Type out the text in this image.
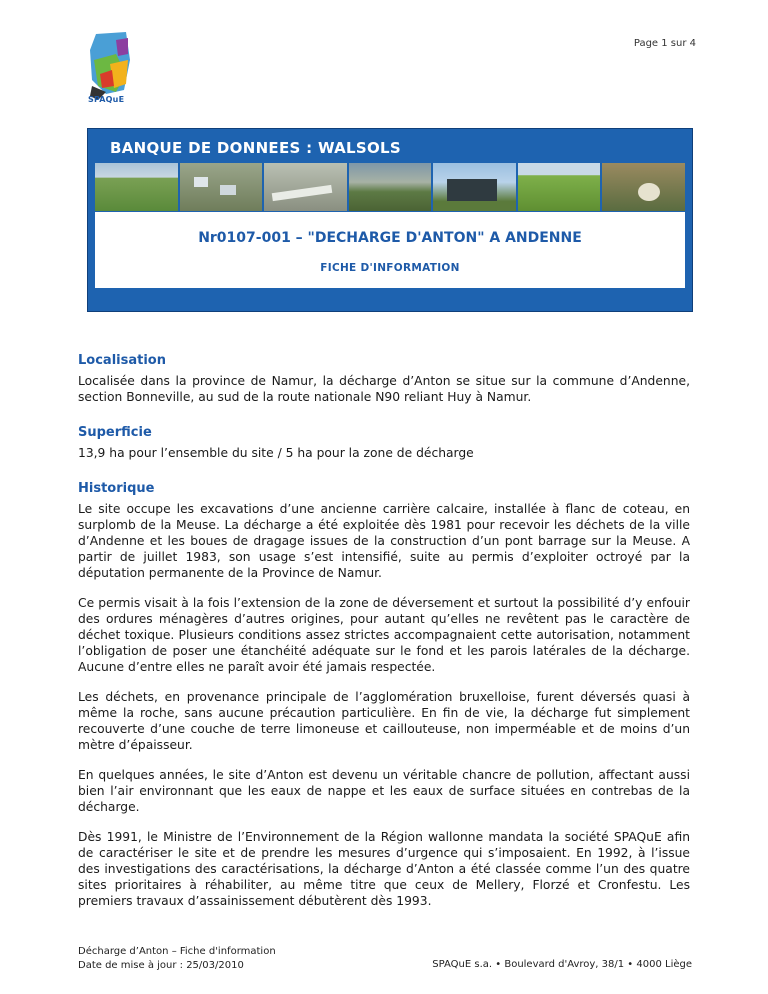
Page 1 sur 4
SPAQuE
BANQUE DE DONNEES : WALSOLS
Nr0107-001 – "DECHARGE D'ANTON" A ANDENNE
FICHE D'INFORMATION
Localisation

Localisée dans la province de Namur, la décharge d’Anton se situe sur la commune d’Andenne, section Bonneville, au sud de la route nationale N90 reliant Huy à Namur.

Superficie

13,9 ha pour l’ensemble du site / 5 ha pour la zone de décharge

Historique

Le site occupe les excavations d’une ancienne carrière calcaire, installée à flanc de coteau, en surplomb de la Meuse. La décharge a été exploitée dès 1981 pour recevoir les déchets de la ville d’Andenne et les boues de dragage issues de la construction d’un pont barrage sur la Meuse. A partir de juillet 1983, son usage s’est intensifié, suite au permis d’exploiter octroyé par la députation permanente de la Province de Namur.

Ce permis visait à la fois l’extension de la zone de déversement et surtout la possibilité d’y enfouir des ordures ménagères d’autres origines, pour autant qu’elles ne revêtent pas le caractère de déchet toxique. Plusieurs conditions assez strictes accompagnaient cette autorisation, notamment l’obligation de poser une étanchéité adéquate sur le fond et les parois latérales de la décharge. Aucune d’entre elles ne paraît avoir été jamais respectée.

Les déchets, en provenance principale de l’agglomération bruxelloise, furent déversés quasi à même la roche, sans aucune précaution particulière. En fin de vie, la décharge fut simplement recouverte d’une couche de terre limoneuse et caillouteuse, non imperméable et de moins d’un mètre d’épaisseur.

En quelques années, le site d’Anton est devenu un véritable chancre de pollution, affectant aussi bien l’air environnant que les eaux de nappe et les eaux de surface situées en contrebas de la décharge.

Dès 1991, le Ministre de l’Environnement de la Région wallonne mandata la société SPAQuE afin de caractériser le site et de prendre les mesures d’urgence qui s’imposaient. En 1992, à l’issue des investigations des caractérisations, la décharge d’Anton a été classée comme l’un des quatre sites prioritaires à réhabiliter, au même titre que ceux de Mellery, Florzé et Cronfestu. Les premiers travaux d’assainissement débutèrent dès 1993.

Décharge d’Anton – Fiche d'information
Date de mise à jour : 25/03/2010	SPAQuE s.a. • Boulevard d'Avroy, 38/1 • 4000 Liège
